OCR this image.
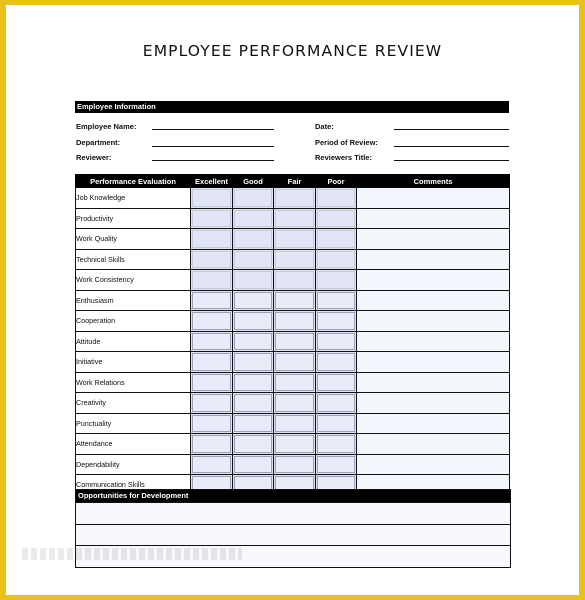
EMPLOYEE PERFORMANCE REVIEW
Employee Information
Employee Name:
Department:
Reviewer:
Date:
Period of Review:
Reviewers Title:
Performance Evaluation	Excellent	Good	Fair	Poor	Comments
Job Knowledge	

Productivity	

Work Quality	

Technical Skills	

Work Consistency	

Enthusiasm	

Cooperation	

Attitude	

Initiative	

Work Relations	

Creativity	

Punctuality	

Attendance	

Dependability	

Communication Skills	

Opportunities for Development
